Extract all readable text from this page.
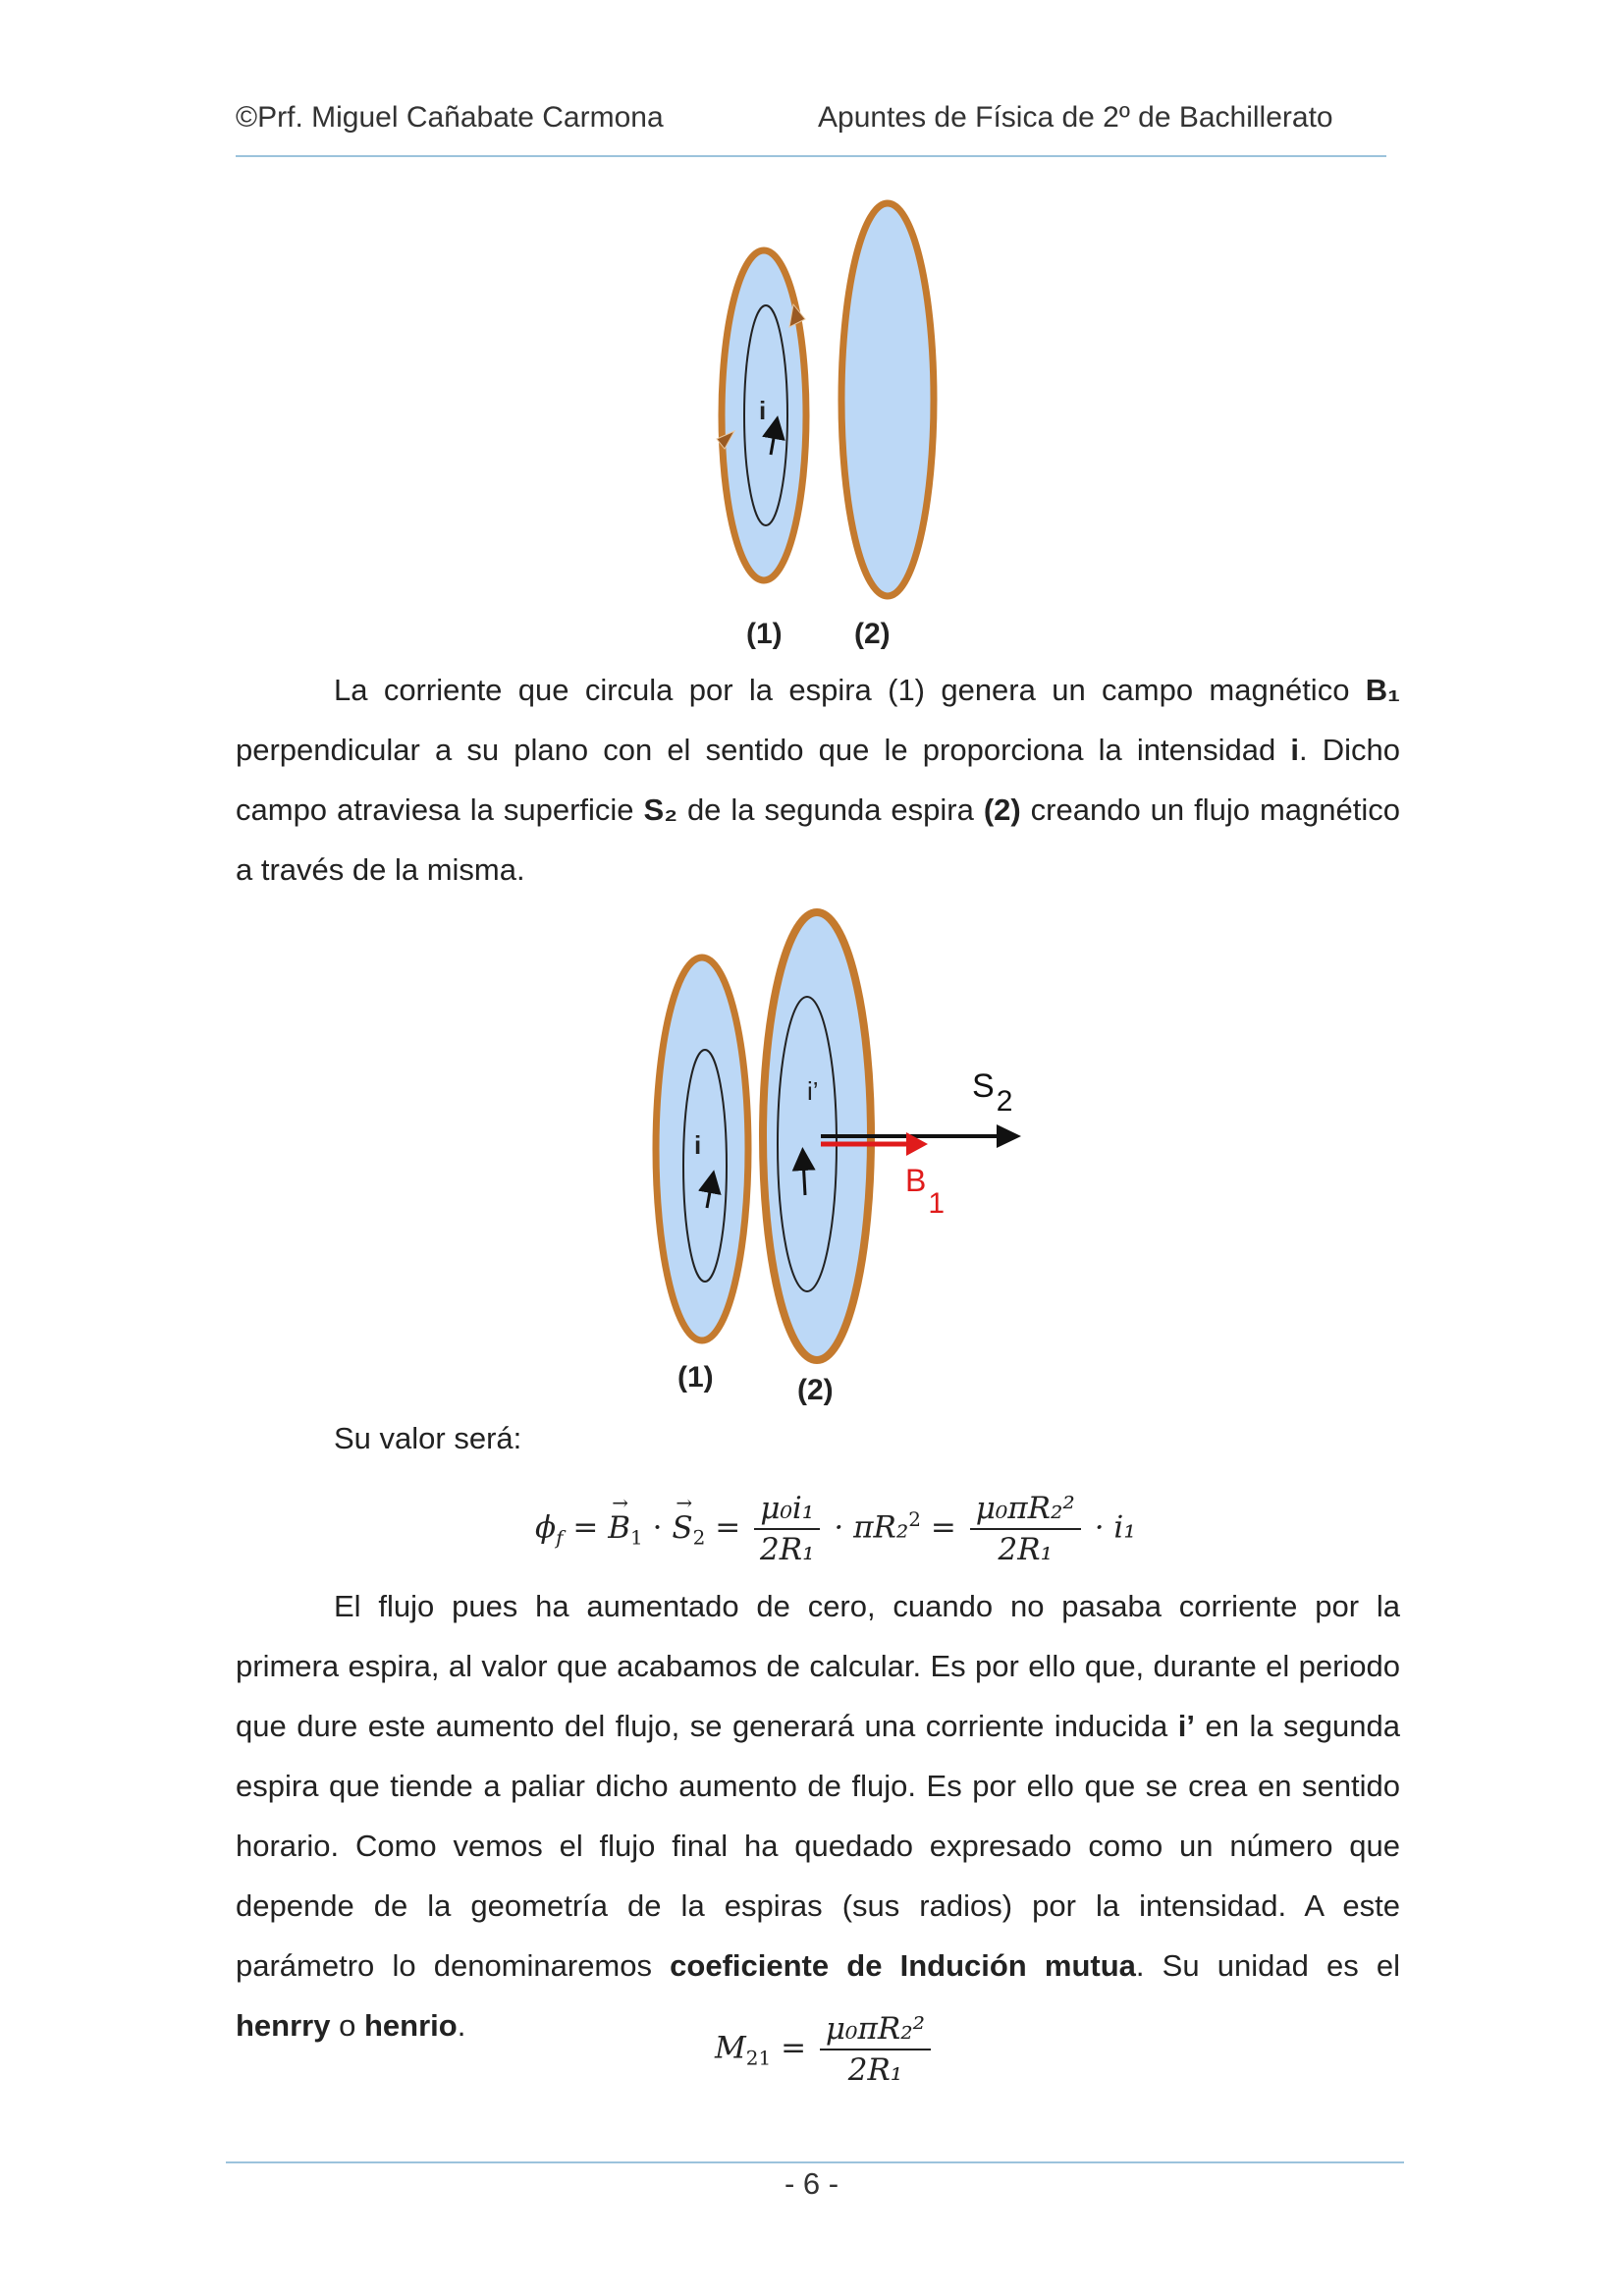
©Prf. Miguel Cañabate Carmona	Apuntes de Física de 2º de Bachillerato
i
(1) (2)

La corriente que circula por la espira (1) genera un campo magnético B₁ perpendicular a su plano con el sentido que le proporciona la intensidad i. Dicho campo atraviesa la superficie S₂ de la segunda espira (2) creando un flujo magnético a través de la misma.

i
i’	S2
B1
(1)	(2)

Su valor será:

$\phi_f$ = → $B_1$ · → $S_2 = \frac{\text{μ₀i₁}}{\text{2R₁}} \cdot \pi R_2^2 = \frac{\text{μ₀πR₂²}}{\text{2R₁}} \cdot i_1$

El flujo pues ha aumentado de cero, cuando no pasaba corriente por la primera espira, al valor que acabamos de calcular. Es por ello que, durante el periodo que dure este aumento del flujo, se generará una corriente inducida i’ en la segunda espira que tiende a paliar dicho aumento de flujo. Es por ello que se crea en sentido horario. Como vemos el flujo final ha quedado expresado como un número que depende de la geometría de la espiras (sus radios) por la intensidad. A este parámetro lo denominaremos coeficiente de Indución mutua. Su unidad es el henrry o henrio.

$M_{21} = \frac{\text{μ₀πR₂²}}{\text{2R₁}}$
- 6 -
